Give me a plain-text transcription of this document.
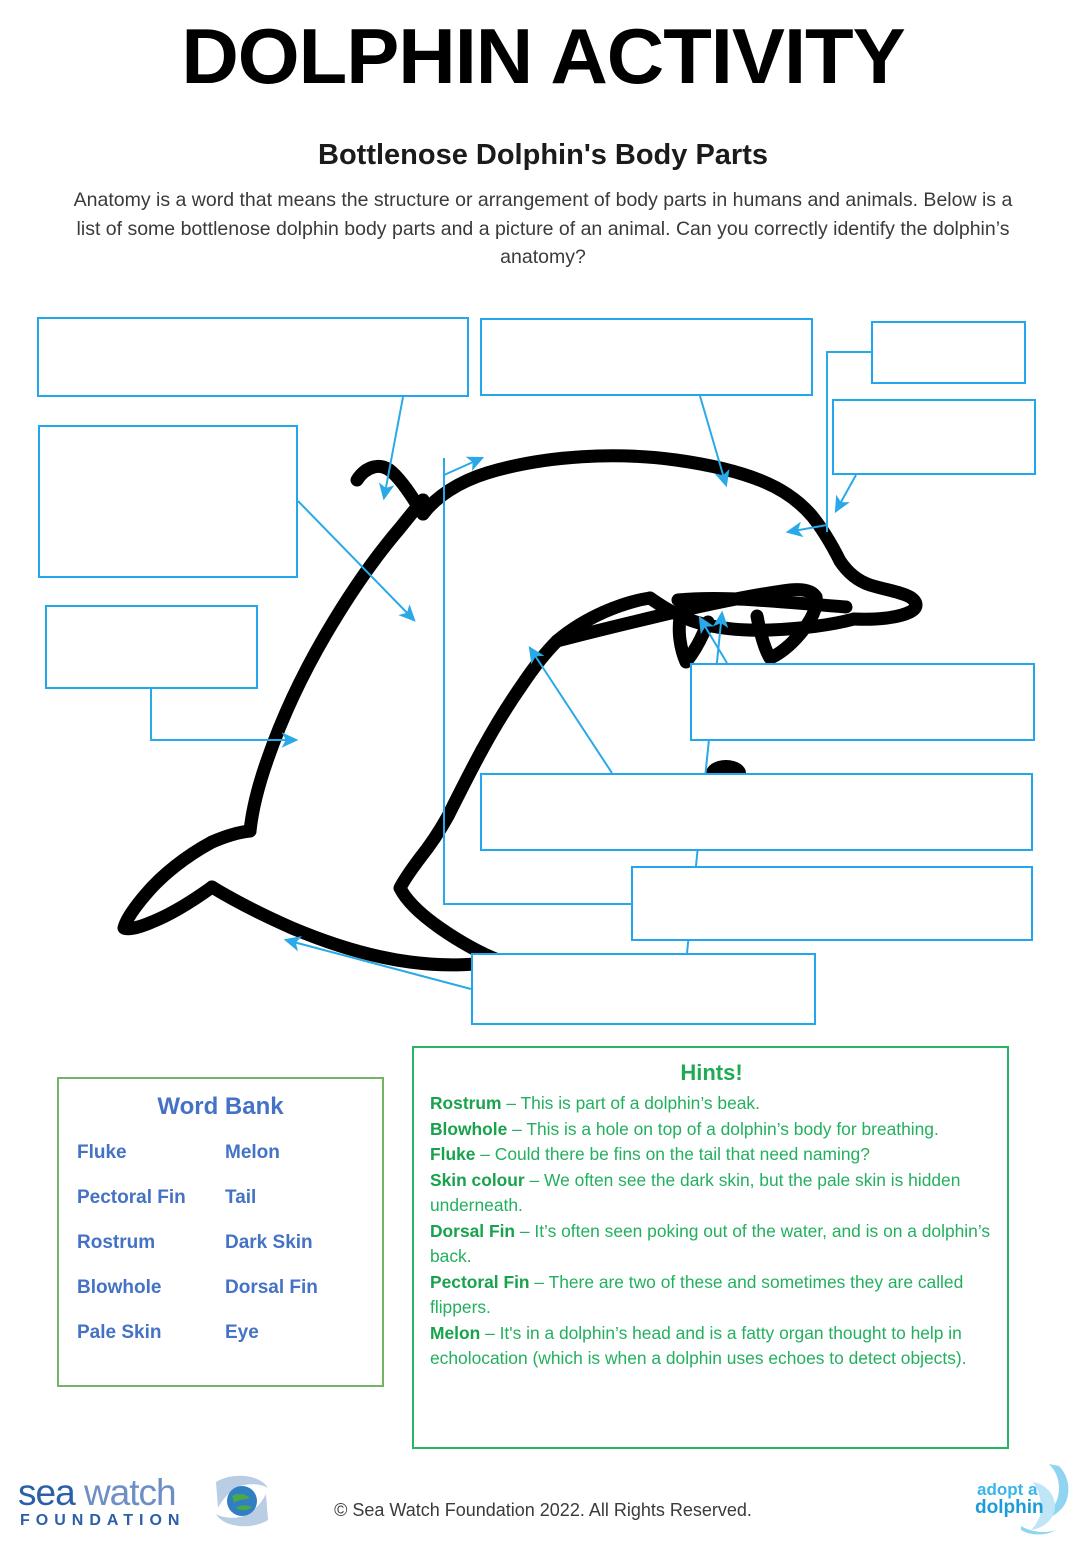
DOLPHIN ACTIVITY
Bottlenose Dolphin's Body Parts
Anatomy is a word that means the structure or arrangement of body parts in humans and animals. Below is a list of some bottlenose dolphin body parts and a picture of an animal. Can you correctly identify the dolphin’s anatomy?
Word Bank
Fluke	Melon
Pectoral Fin	Tail
Rostrum	Dark Skin
Blowhole	Dorsal Fin
Pale Skin	Eye
Hints!
Rostrum – This is part of a dolphin’s beak.
Blowhole – This is a hole on top of a dolphin’s body for breathing.
Fluke – Could there be fins on the tail that need naming?
Skin colour – We often see the dark skin, but the pale skin is hidden underneath.
Dorsal Fin – It’s often seen poking out of the water, and is on a dolphin’s back.
Pectoral Fin – There are two of these and sometimes they are called flippers.
Melon – It's in a dolphin’s head and is a fatty organ thought to help in echolocation (which is when a dolphin uses echoes to detect objects).
sea watch
FOUNDATION
© Sea Watch Foundation 2022. All Rights Reserved.
adopt a
dolphin
